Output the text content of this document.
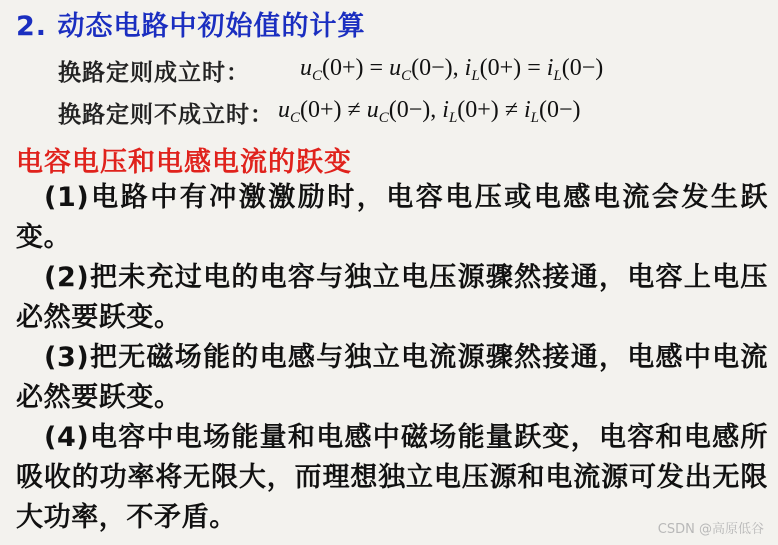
2. 动态电路中初始值的计算
换路定则成立时： $u_C(0+) = u_C(0-)$, $i_L(0+) = i_L(0-)$
换路定则不成立时： $u_C(0+) \ne u_C(0-)$, $i_L(0+) \ne i_L(0-)$
电容电压和电感电流的跃变
(1)电路中有冲激激励时，电容电压或电感电流会发生跃变。
(2)把未充过电的电容与独立电压源骤然接通，电容上电压必然要跃变。
(3)把无磁场能的电感与独立电流源骤然接通，电感中电流必然要跃变。
(4)电容中电场能量和电感中磁场能量跃变，电容和电感所吸收的功率将无限大，而理想独立电压源和电流源可发出无限大功率，不矛盾。	CSDN @高原低谷
